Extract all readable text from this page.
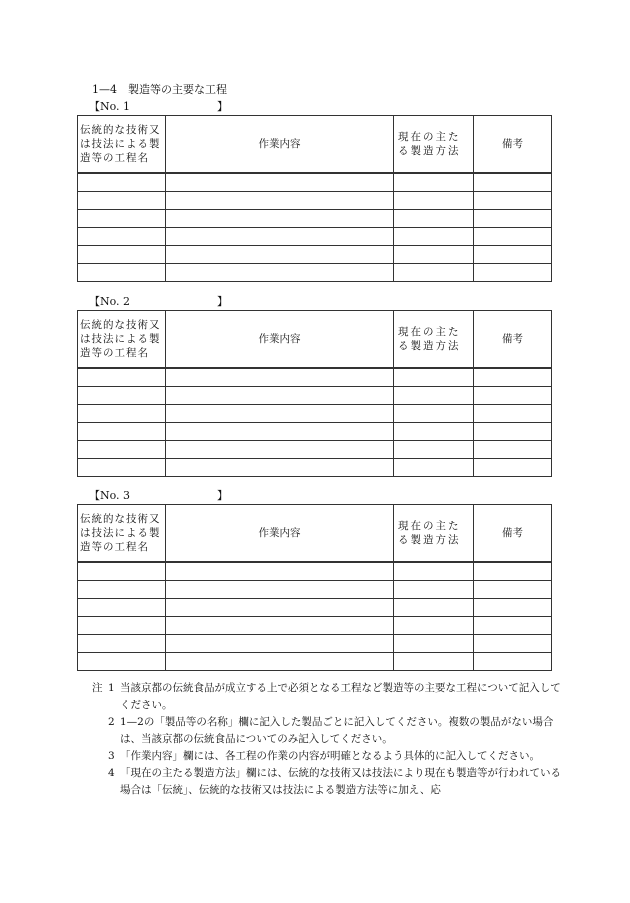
1—4　製造等の主要な工程
【No. 1	】
伝統的な技術又は技法による製造等の工程名	作業内容	現在の主たる製造方法	備考

【No. 2	】
伝統的な技術又は技法による製造等の工程名	作業内容	現在の主たる製造方法	備考

【No. 3	】
伝統的な技術又は技法による製造等の工程名	作業内容	現在の主たる製造方法	備考

注 1 当該京都の伝統食品が成立する上で必須となる工程など製造等の主要な工程について記入してください。
2 1—2の「製品等の名称」欄に記入した製品ごとに記入してください。複数の製品がない場合は、当該京都の伝統食品についてのみ記入してください。
3 「作業内容」欄には、各工程の作業の内容が明確となるよう具体的に記入してください。
4 「現在の主たる製造方法」欄には、伝統的な技術又は技法により現在も製造等が行われている場合は「伝統」、伝統的な技術又は技法による製造方法等に加え、応
